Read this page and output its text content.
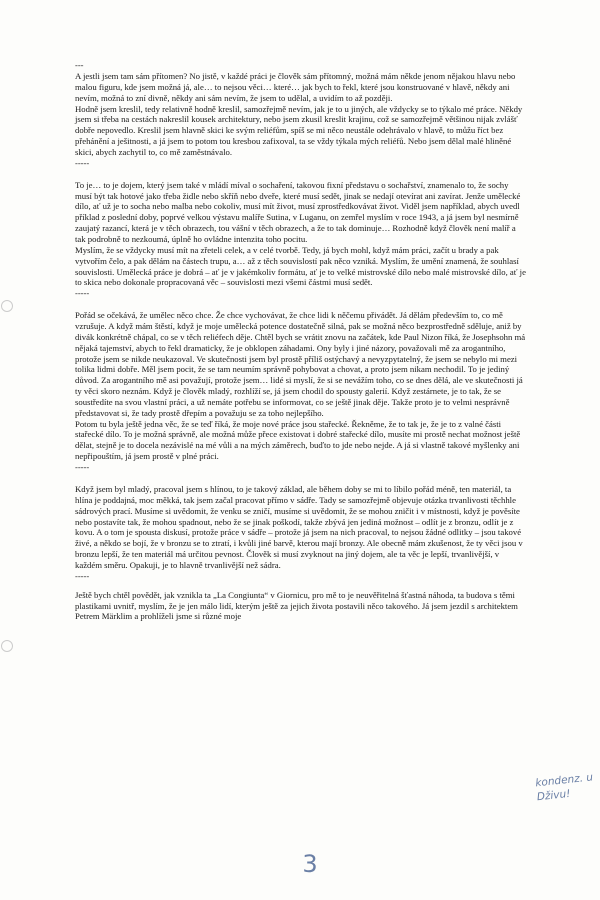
---

A jestli jsem tam sám přítomen? No jistě, v každé práci je člověk sám přítomný, možná mám někde jenom nějakou hlavu nebo malou figuru, kde jsem možná já, ale… to nejsou věci… které… jak bych to řekl, které jsou konstruované v hlavě, někdy ani nevím, možná to zní divně, někdy ani sám nevím, že jsem to udělal, a uvidím to až později.

Hodně jsem kreslil, tedy relativně hodně kreslil, samozřejmě nevím, jak je to u jiných, ale vždycky se to týkalo mé práce. Někdy jsem si třeba na cestách nakreslil kousek architektury, nebo jsem zkusil kreslit krajinu, což se samozřejmě většinou nijak zvlášť dobře nepovedlo. Kreslil jsem hlavně skici ke svým reliéfům, spíš se mi něco neustále odehrávalo v hlavě, to můžu říct bez přehánění a ješitnosti, a já jsem to potom tou kresbou zafixoval, ta se vždy týkala mých reliéfů. Nebo jsem dělal malé hliněné skici, abych zachytil to, co mě zaměstnávalo.

-----

To je… to je dojem, který jsem také v mládí míval o sochaření, takovou fixní představu o sochařství, znamenalo to, že sochy musí být tak hotové jako třeba židle nebo skříň nebo dveře, které musí sedět, jinak se nedají otevírat ani zavírat. Jenže umělecké dílo, ať už je to socha nebo malba nebo cokoliv, musí mít život, musí zprostředkovávat život. Viděl jsem například, abych uvedl příklad z poslední doby, poprvé velkou výstavu malíře Sutina, v Luganu, on zemřel myslím v roce 1943, a já jsem byl nesmírně zaujatý razancí, která je v těch obrazech, tou vášní v těch obrazech, a že to tak dominuje… Rozhodně když člověk není malíř a tak podrobně to nezkoumá, úplně ho ovládne intenzita toho pocitu.

Myslím, že se vždycky musí mít na zřeteli celek, a v celé tvorbě. Tedy, já bych mohl, když mám práci, začít u brady a pak vytvořím čelo, a pak dělám na částech trupu, a… až z těch souvislostí pak něco vzniká. Myslím, že umění znamená, že souhlasí souvislosti. Umělecká práce je dobrá – ať je v jakémkoliv formátu, ať je to velké mistrovské dílo nebo malé mistrovské dílo, ať je to skica nebo dokonale propracovaná věc – souvislosti mezi všemi částmi musí sedět.

-----

Pořád se očekává, že umělec něco chce. Že chce vychovávat, že chce lidi k něčemu přivádět. Já dělám především to, co mě vzrušuje. A když mám štěstí, když je moje umělecká potence dostatečně silná, pak se možná něco bezprostředně sděluje, aniž by divák konkrétně chápal, co se v těch reliéfech děje. Chtěl bych se vrátit znovu na začátek, kde Paul Nizon říká, že Josephsohn má nějaká tajemství, abych to řekl dramaticky, že je obklopen záhadami. Ony byly i jiné názory, považovali mě za arogantního, protože jsem se nikde neukazoval. Ve skutečnosti jsem byl prostě příliš ostýchavý a nevyzpytatelný, že jsem se nebylo mi mezi tolika lidmi dobře. Měl jsem pocit, že se tam neumím správně pohybovat a chovat, a proto jsem nikam nechodil. To je jediný důvod. Za arogantního mě asi považují, protože jsem… lidé si myslí, že si se nevážím toho, co se dnes dělá, ale ve skutečnosti já ty věci skoro neznám. Když je člověk mladý, rozhlíží se, já jsem chodil do spousty galerií. Když zestárnete, je to tak, že se soustředíte na svou vlastní práci, a už nemáte potřebu se informovat, co se ještě jinak děje. Takže proto je to velmi nesprávně představovat si, že tady prostě dřepím a považuju se za toho nejlepšího.

Potom tu byla ještě jedna věc, že se teď říká, že moje nové práce jsou stařecké. Řekněme, že to tak je, že je to z valné části stařecké dílo. To je možná správně, ale možná může přece existovat i dobré stařecké dílo, musíte mi prostě nechat možnost ještě dělat, stejně je to docela nezávislé na mé vůli a na mých záměrech, buďto to jde nebo nejde. A já si vlastně takové myšlenky ani nepřipouštím, já jsem prostě v plné práci.

-----

Když jsem byl mladý, pracoval jsem s hlínou, to je takový základ, ale během doby se mi to líbilo pořád méně, ten materiál, ta hlína je poddajná, moc měkká, tak jsem začal pracovat přímo v sádře. Tady se samozřejmě objevuje otázka trvanlivosti těchhle sádrových prací. Musíme si uvědomit, že venku se zničí, musíme si uvědomit, že se mohou zničit i v místnosti, když je pověsíte nebo postavíte tak, že mohou spadnout, nebo že se jinak poškodí, takže zbývá jen jediná možnost – odlít je z bronzu, odlít je z kovu. A o tom je spousta diskusí, protože práce v sádře – protože já jsem na nich pracoval, to nejsou žádné odlitky – jsou takové živé, a někdo se bojí, že v bronzu se to ztratí, i kvůli jiné barvě, kterou mají bronzy. Ale obecně mám zkušenost, že ty věci jsou v bronzu lepší, že ten materiál má určitou pevnost. Člověk si musí zvyknout na jiný dojem, ale ta věc je lepší, trvanlivější, v každém směru. Opakuji, je to hlavně trvanlivější než sádra.

-----

Ještě bych chtěl povědět, jak vznikla ta „La Congiunta“ v Giornicu, pro mě to je neuvěřitelná šťastná náhoda, ta budova s těmi plastikami uvnitř, myslím, že je jen málo lidí, kterým ještě za jejich života postavili něco takového. Já jsem jezdil s architektem Petrem Märklim a prohlíželi jsme si různé moje

kondenz. u Dživu!
3
